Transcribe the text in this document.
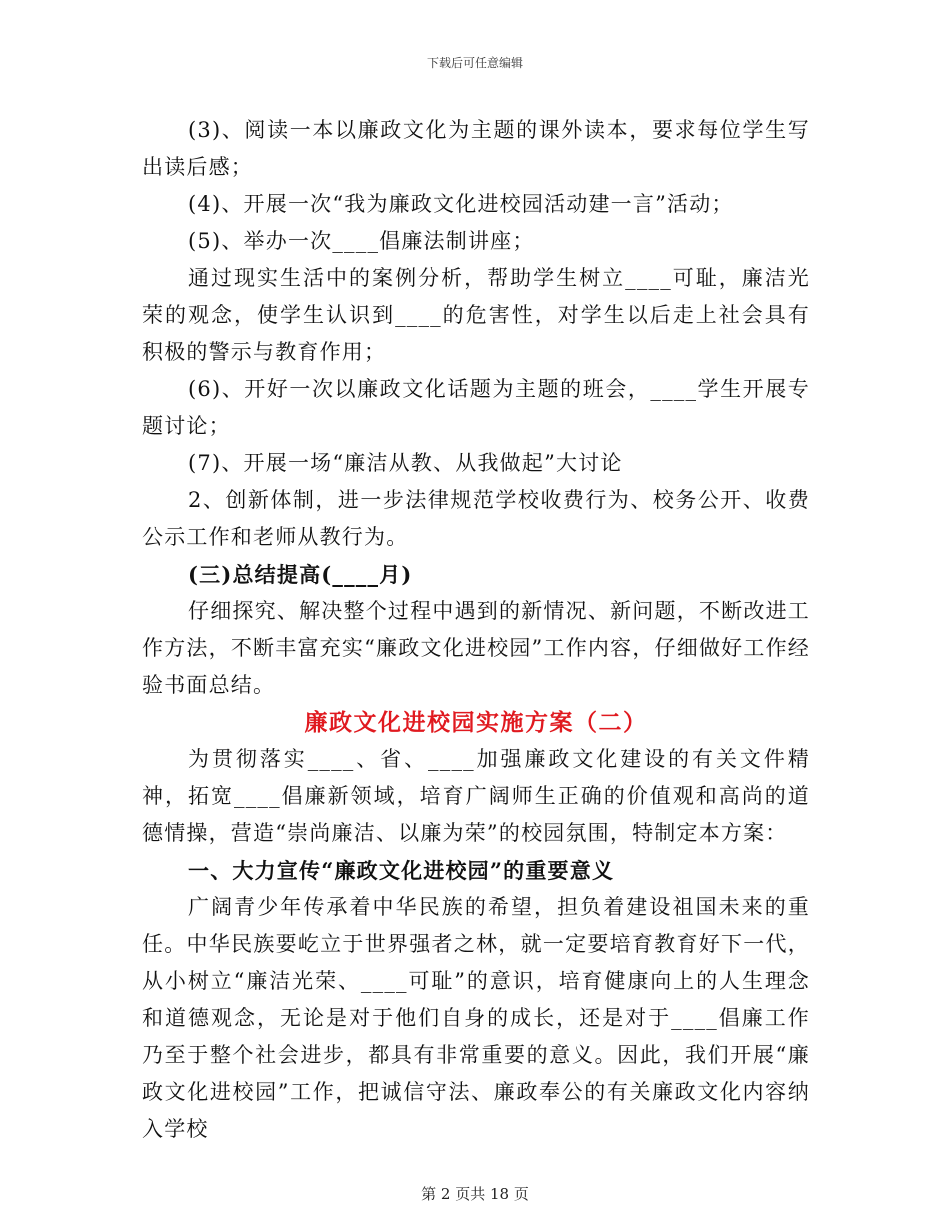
下载后可任意编辑

(3)、阅读一本以廉政文化为主题的课外读本，要求每位学生写出读后感；

(4)、开展一次“我为廉政文化进校园活动建一言”活动；

(5)、举办一次____倡廉法制讲座；

通过现实生活中的案例分析，帮助学生树立____可耻，廉洁光荣的观念，使学生认识到____的危害性，对学生以后走上社会具有积极的警示与教育作用；

(6)、开好一次以廉政文化话题为主题的班会，____学生开展专题讨论；

(7)、开展一场“廉洁从教、从我做起”大讨论

2、创新体制，进一步法律规范学校收费行为、校务公开、收费公示工作和老师从教行为。

(三)总结提高(____月)

仔细探究、解决整个过程中遇到的新情况、新问题，不断改进工作方法，不断丰富充实“廉政文化进校园”工作内容，仔细做好工作经验书面总结。

廉政文化进校园实施方案（二）

为贯彻落实____、省、____加强廉政文化建设的有关文件精神，拓宽____倡廉新领域，培育广阔师生正确的价值观和高尚的道德情操，营造“崇尚廉洁、以廉为荣”的校园氛围，特制定本方案：

一、大力宣传“廉政文化进校园”的重要意义

广阔青少年传承着中华民族的希望，担负着建设祖国未来的重任。中华民族要屹立于世界强者之林，就一定要培育教育好下一代，从小树立“廉洁光荣、____可耻”的意识，培育健康向上的人生理念和道德观念，无论是对于他们自身的成长，还是对于____倡廉工作乃至于整个社会进步，都具有非常重要的意义。因此，我们开展“廉政文化进校园”工作，把诚信守法、廉政奉公的有关廉政文化内容纳入学校

第 2 页共 18 页
